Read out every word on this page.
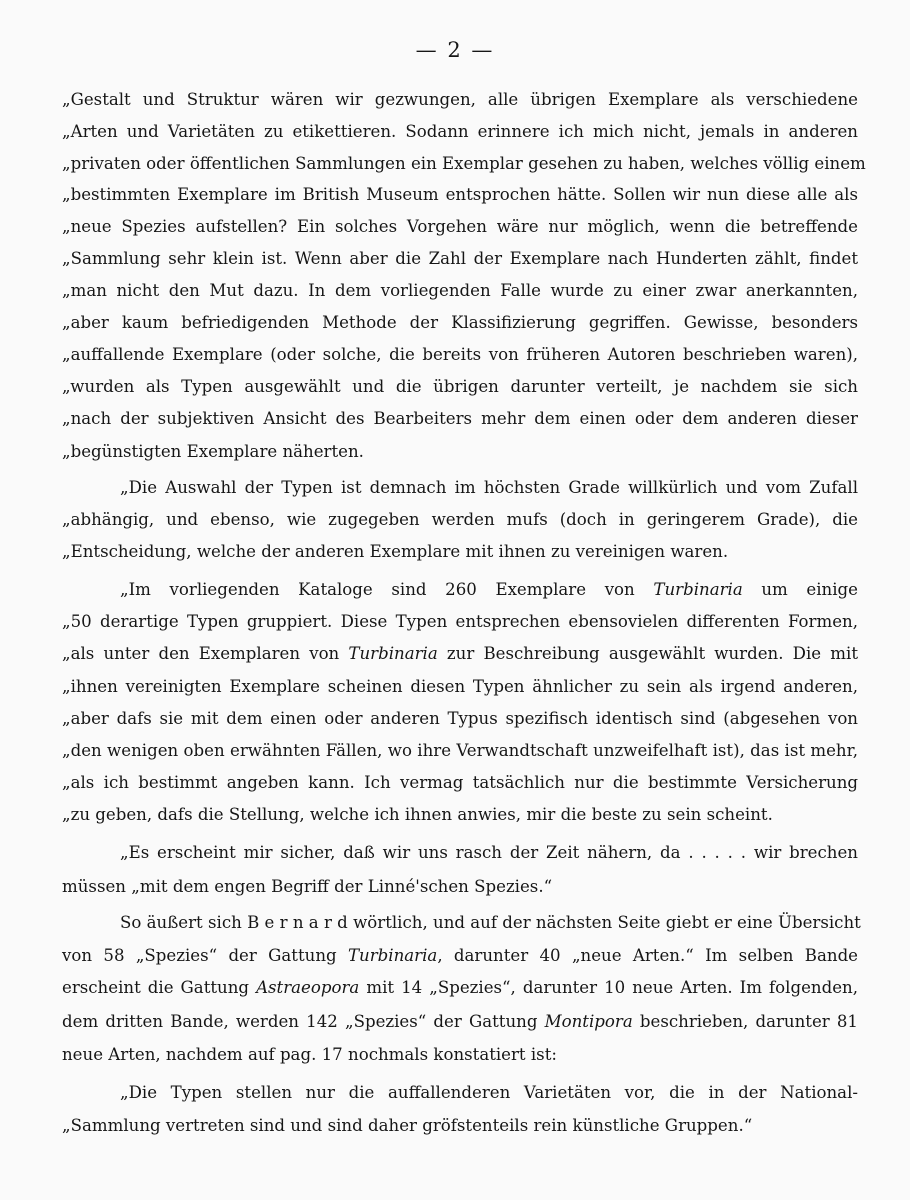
— 2 —
„Gestalt und Struktur wären wir gezwungen, alle übrigen Exemplare als verschiedene
„Arten und Varietäten zu etikettieren. Sodann erinnere ich mich nicht, jemals in anderen
„privaten oder öffentlichen Sammlungen ein Exemplar gesehen zu haben, welches völlig einem
„bestimmten Exemplare im British Museum entsprochen hätte. Sollen wir nun diese alle als
„neue Spezies aufstellen? Ein solches Vorgehen wäre nur möglich, wenn die betreffende
„Sammlung sehr klein ist. Wenn aber die Zahl der Exemplare nach Hunderten zählt, findet
„man nicht den Mut dazu. In dem vorliegenden Falle wurde zu einer zwar anerkannten,
„aber kaum befriedigenden Methode der Klassifizierung gegriffen. Gewisse, besonders
„auffallende Exemplare (oder solche, die bereits von früheren Autoren beschrieben waren),
„wurden als Typen ausgewählt und die übrigen darunter verteilt, je nachdem sie sich
„nach der subjektiven Ansicht des Bearbeiters mehr dem einen oder dem anderen dieser
„begünstigten Exemplare näherten.
„Die Auswahl der Typen ist demnach im höchsten Grade willkürlich und vom Zufall
„abhängig, und ebenso, wie zugegeben werden mufs (doch in geringerem Grade), die
„Entscheidung, welche der anderen Exemplare mit ihnen zu vereinigen waren.
„Im vorliegenden Kataloge sind 260 Exemplare von Turbinaria um einige
„50 derartige Typen gruppiert. Diese Typen entsprechen ebensovielen differenten Formen,
„als unter den Exemplaren von Turbinaria zur Beschreibung ausgewählt wurden. Die mit
„ihnen vereinigten Exemplare scheinen diesen Typen ähnlicher zu sein als irgend anderen,
„aber dafs sie mit dem einen oder anderen Typus spezifisch identisch sind (abgesehen von
„den wenigen oben erwähnten Fällen, wo ihre Verwandtschaft unzweifelhaft ist), das ist mehr,
„als ich bestimmt angeben kann. Ich vermag tatsächlich nur die bestimmte Versicherung
„zu geben, dafs die Stellung, welche ich ihnen anwies, mir die beste zu sein scheint.
„Es erscheint mir sicher, daß wir uns rasch der Zeit nähern, da . . . . . wir brechen
müssen „mit dem engen Begriff der Linné'schen Spezies.“
So äußert sich B e r n a r d wörtlich, und auf der nächsten Seite giebt er eine Übersicht
von 58 „Spezies“ der Gattung Turbinaria, darunter 40 „neue Arten.“ Im selben Bande
erscheint die Gattung Astraeopora mit 14 „Spezies“, darunter 10 neue Arten. Im folgenden,
dem dritten Bande, werden 142 „Spezies“ der Gattung Montipora beschrieben, darunter 81
neue Arten, nachdem auf pag. 17 nochmals konstatiert ist:
„Die Typen stellen nur die auffallenderen Varietäten vor, die in der National-
„Sammlung vertreten sind und sind daher gröfstenteils rein künstliche Gruppen.“
